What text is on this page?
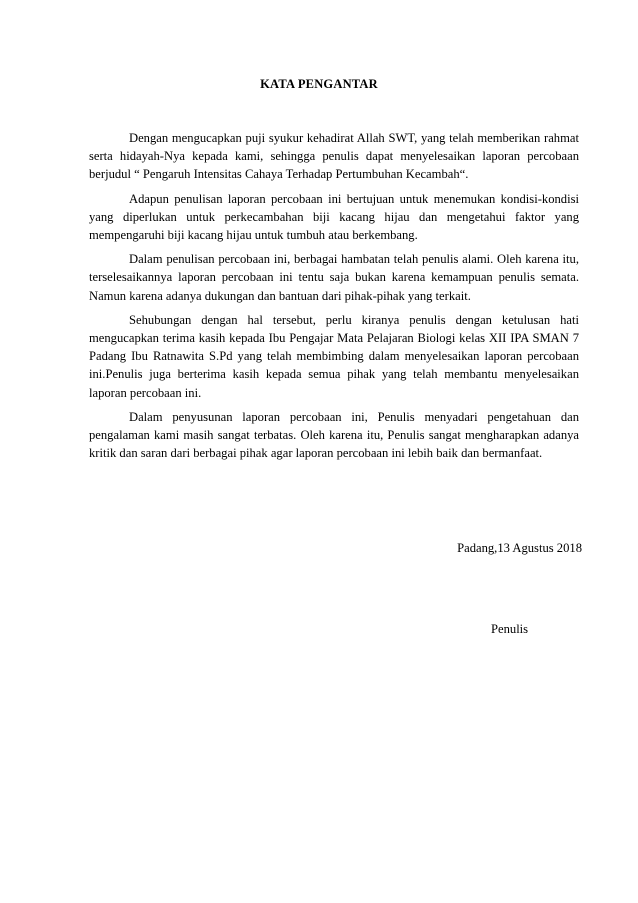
KATA PENGANTAR

Dengan mengucapkan puji syukur kehadirat Allah SWT, yang telah memberikan rahmat serta hidayah-Nya kepada kami, sehingga penulis dapat menyelesaikan laporan percobaan berjudul “ Pengaruh Intensitas Cahaya Terhadap Pertumbuhan Kecambah“.

Adapun penulisan laporan percobaan ini bertujuan untuk menemukan kondisi-kondisi yang diperlukan untuk perkecambahan biji kacang hijau dan mengetahui faktor yang mempengaruhi biji kacang hijau untuk tumbuh atau berkembang.

Dalam penulisan percobaan ini, berbagai hambatan telah penulis alami. Oleh karena itu, terselesaikannya laporan percobaan ini tentu saja bukan karena kemampuan penulis semata. Namun karena adanya dukungan dan bantuan dari pihak-pihak yang terkait.

Sehubungan dengan hal tersebut, perlu kiranya penulis dengan ketulusan hati mengucapkan terima kasih kepada Ibu Pengajar Mata Pelajaran Biologi kelas XII IPA SMAN 7 Padang Ibu Ratnawita S.Pd yang telah membimbing dalam menyelesaikan laporan percobaan ini.Penulis juga berterima kasih kepada semua pihak yang telah membantu menyelesaikan laporan percobaan ini.

Dalam penyusunan laporan percobaan ini, Penulis menyadari pengetahuan dan pengalaman kami masih sangat terbatas. Oleh karena itu, Penulis sangat mengharapkan adanya kritik dan saran dari berbagai pihak agar laporan percobaan ini lebih baik dan bermanfaat.

Padang,13 Agustus 2018
Penulis
